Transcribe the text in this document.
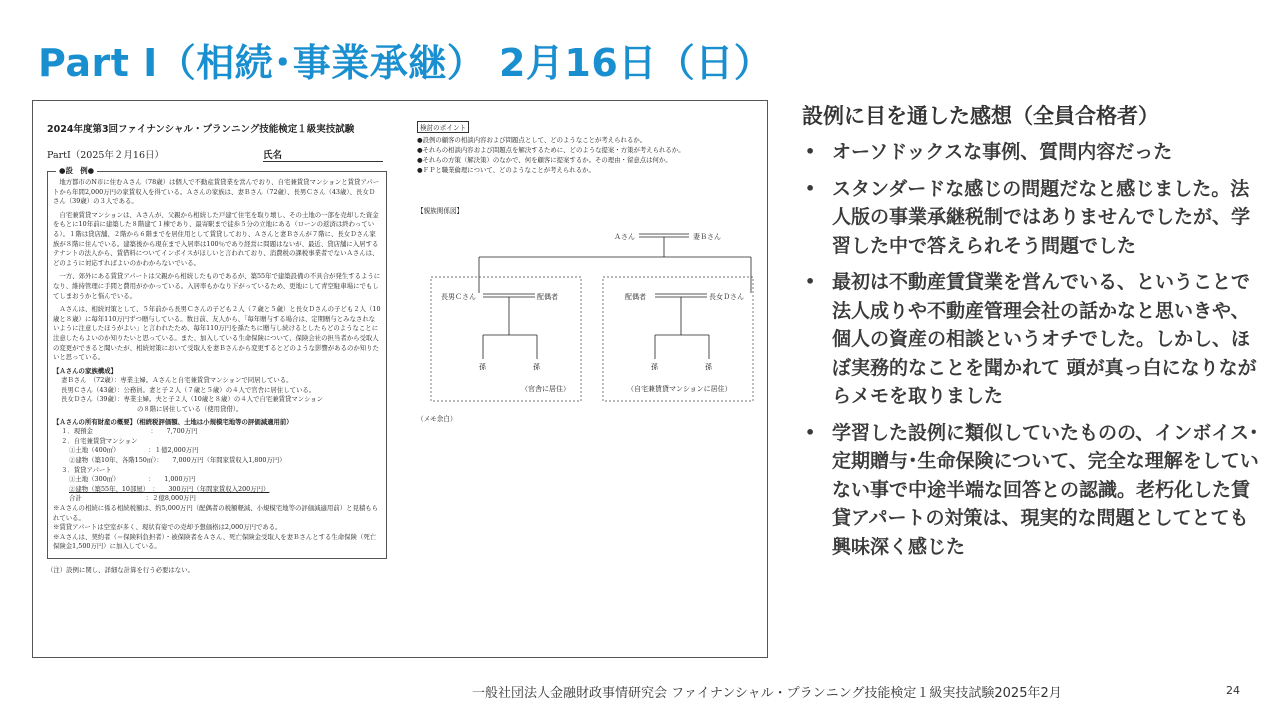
Part I（相続･事業承継） 2月16日（日）
2024年度第3回ファイナンシャル・プランニング技能検定１級実技試験
PartⅠ（2025年２月16日）	氏名
●設　例●

地方都市のN市に住むＡさん（78歳）は個人で不動産賃貸業を営んでおり、自宅兼賃貸マンションと賃貸アパートから年間2,000万円の家賃収入を得ている。Ａさんの家族は、妻Ｂさん（72歳）、長男Ｃさん（43歳）、長女Ｄさん（39歳）の３人である。

自宅兼賃貸マンションは、Ａさんが、父親から相続した戸建て住宅を取り壊し、その土地の一部を売却した資金をもとに10年前に建築した８階建て１棟であり、最寄駅まで徒歩５分の立地にある（ローンの返済は終わっている）。１階は貸店舗、２階から６階までを居住用として賃貸しており、Ａさんと妻Ｂさんが７階に、長女Ｄさん家族が８階に住んでいる。建築後から現在まで入居率は100％であり経営に問題はないが、最近、貸店舗に入居するテナントの法人から、賃借料についてインボイスがほしいと言われており、消費税の課税事業者でないＡさんは、どのように対応すればよいのかわからないでいる。

一方、郊外にある賃貸アパートは父親から相続したものであるが、築55年で建築設備の不具合が発生するようになり、維持管理に手間と費用がかかっている。入居率もかなり下がっているため、更地にして青空駐車場にでもしてしまおうかと悩んでいる。

Ａさんは、相続対策として、５年前から長男Ｃさんの子ども２人（７歳と５歳）と長女Ｄさんの子ども２人（10歳と８歳）に毎年110万円ずつ贈与している。数日前、友人から、「毎年贈与する場合は、定期贈与とみなされないように注意したほうがよい」と言われたため、毎年110万円を孫たちに贈与し続けるとしたらどのようなことに注意したらよいのか知りたいと思っている。また、加入している生命保険について、保険会社の担当者から受取人の変更ができると聞いたが、相続対策において受取人を妻Ｂさんから変更するとどのような影響があるのか知りたいと思っている。

【Ａさんの家族構成】
妻Ｂさん　（72歳）：専業主婦。Ａさんと自宅兼賃貸マンションで同居している。
長男Ｃさん（43歳）：公務員。妻と子２人（７歳と５歳）の４人で官舎に居住している。
長女Ｄさん（39歳）：専業主婦。夫と子２人（10歳と８歳）の４人で自宅兼賃貸マンション
の８階に居住している（使用貸借）。
【Ａさんの所有財産の概要】（相続税評価額、土地は小規模宅地等の評価減適用前）
１．現預金　　　　　　　　　：　　7,700万円
２．自宅兼賃貸マンション
①土地（400㎡）　　　　　：１億2,000万円
②建物（築10年、各階150㎡）：　　7,000万円（年間家賃収入1,800万円）
３．賃貸アパート
①土地（300㎡）　　　　　：　　1,000万円
②建物（築55年、10部屋）　：　　300万円（年間家賃収入200万円）
合計　　　　　　　　　　：２億8,000万円
※Ａさんの相続に係る相続税額は、約5,000万円（配偶者の税額軽減、小規模宅地等の評価減適用前）と見積もられている。
※賃貸アパートは空室が多く、現状有姿での売却予想価格は2,000万円である。
※Ａさんは、契約者（＝保険料負担者）・被保険者をＡさん、死亡保険金受取人を妻Ｂさんとする生命保険（死亡保険金1,500万円）に加入している。
（注）設例に関し、詳細な計算を行う必要はない。
検討のポイント
●設例の顧客の相談内容および問題点として、どのようなことが考えられるか。
●それらの相談内容および問題点を解決するために、どのような提案・方策が考えられるか。
●それらの方策（解決策）のなかで、何を顧客に提案するか。その理由・留意点は何か。
●ＦＰと職業倫理について、どのようなことが考えられるか。
【親族関係図】
Ａさん	妻Ｂさん
長男Ｃさん	配偶者
孫	孫
（官舎に居住）
配偶者	長女Ｄさん
孫	孫
（自宅兼賃貸マンションに居住）
（メモ余白）
設例に目を通した感想（全員合格者）
• オーソドックスな事例、質問内容だった
• スタンダードな感じの問題だなと感じました。法人版の事業承継税制ではありませんでしたが、学習した中で答えられそう問題でした
• 最初は不動産賃貸業を営んでいる、ということで法人成りや不動産管理会社の話かなと思いきや、個人の資産の相談というオチでした。しかし、ほぼ実務的なことを聞かれて 頭が真っ白になりながらメモを取りました
• 学習した設例に類似していたものの、インボイス･定期贈与･生命保険について、完全な理解をしていない事で中途半端な回答との認識。老朽化した賃貸アパートの対策は、現実的な問題としてとても興味深く感じた
一般社団法人金融財政事情研究会 ファイナンシャル・プランニング技能検定１級実技試験2025年2月	24
